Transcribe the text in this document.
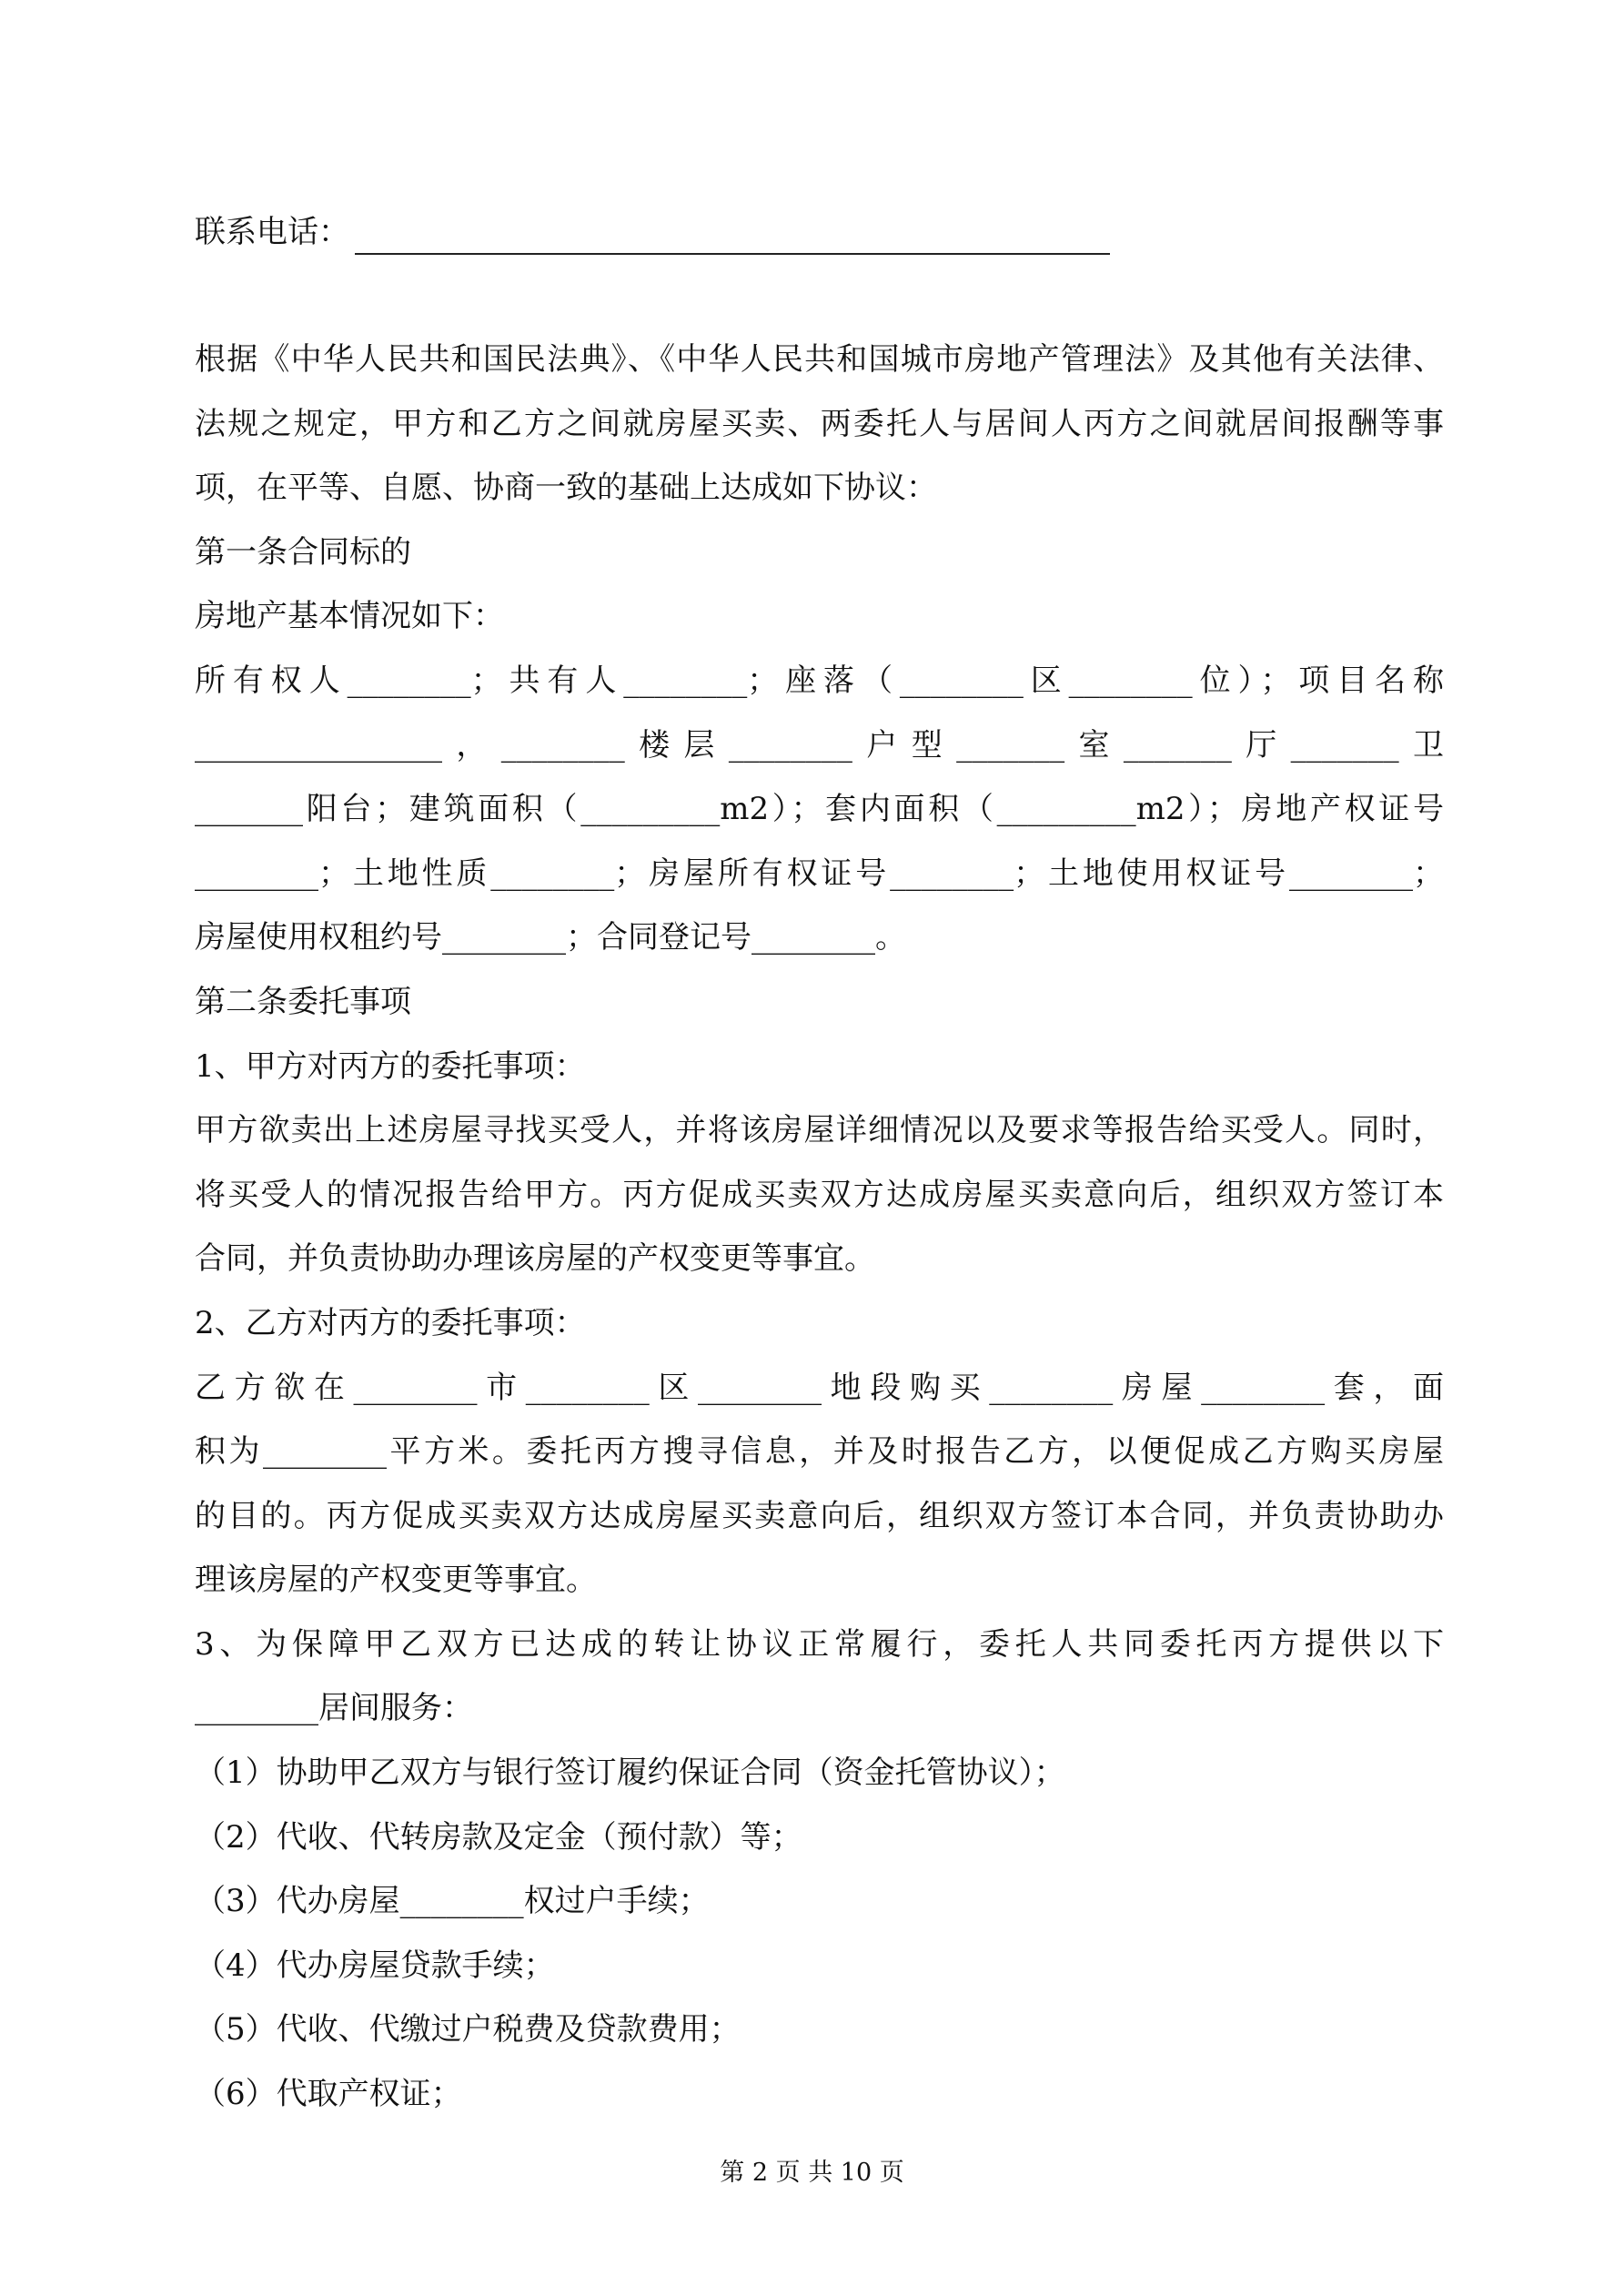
联系电话：
根据《中华人民共和国民法典》、《中华人民共和国城市房地产管理法》及其他有关法律、
法规之规定，甲方和乙方之间就房屋买卖、两委托人与居间人丙方之间就居间报酬等事
项，在平等、自愿、协商一致的基础上达成如下协议：
第一条合同标的
房地产基本情况如下：
所有权人________；共有人________；座落（________区________位）；项目名称
________________，________楼层________户型_______室_______厅_______卫
_______阳台；建筑面积（_________m2）；套内面积（_________m2）；房地产权证号
________；土地性质________；房屋所有权证号________；土地使用权证号________；
房屋使用权租约号________；合同登记号________。
第二条委托事项
1、甲方对丙方的委托事项：
甲方欲卖出上述房屋寻找买受人，并将该房屋详细情况以及要求等报告给买受人。同时，
将买受人的情况报告给甲方。丙方促成买卖双方达成房屋买卖意向后，组织双方签订本
合同，并负责协助办理该房屋的产权变更等事宜。
2、乙方对丙方的委托事项：
乙方欲在________市________区________地段购买________房屋________套，面
积为________平方米。委托丙方搜寻信息，并及时报告乙方，以便促成乙方购买房屋
的目的。丙方促成买卖双方达成房屋买卖意向后，组织双方签订本合同，并负责协助办
理该房屋的产权变更等事宜。
3、为保障甲乙双方已达成的转让协议正常履行，委托人共同委托丙方提供以下
________居间服务：
（1）协助甲乙双方与银行签订履约保证合同（资金托管协议）；
（2）代收、代转房款及定金（预付款）等；
（3）代办房屋________权过户手续；
（4）代办房屋贷款手续；
（5）代收、代缴过户税费及贷款费用；
（6）代取产权证；
第 2 页 共 10 页
